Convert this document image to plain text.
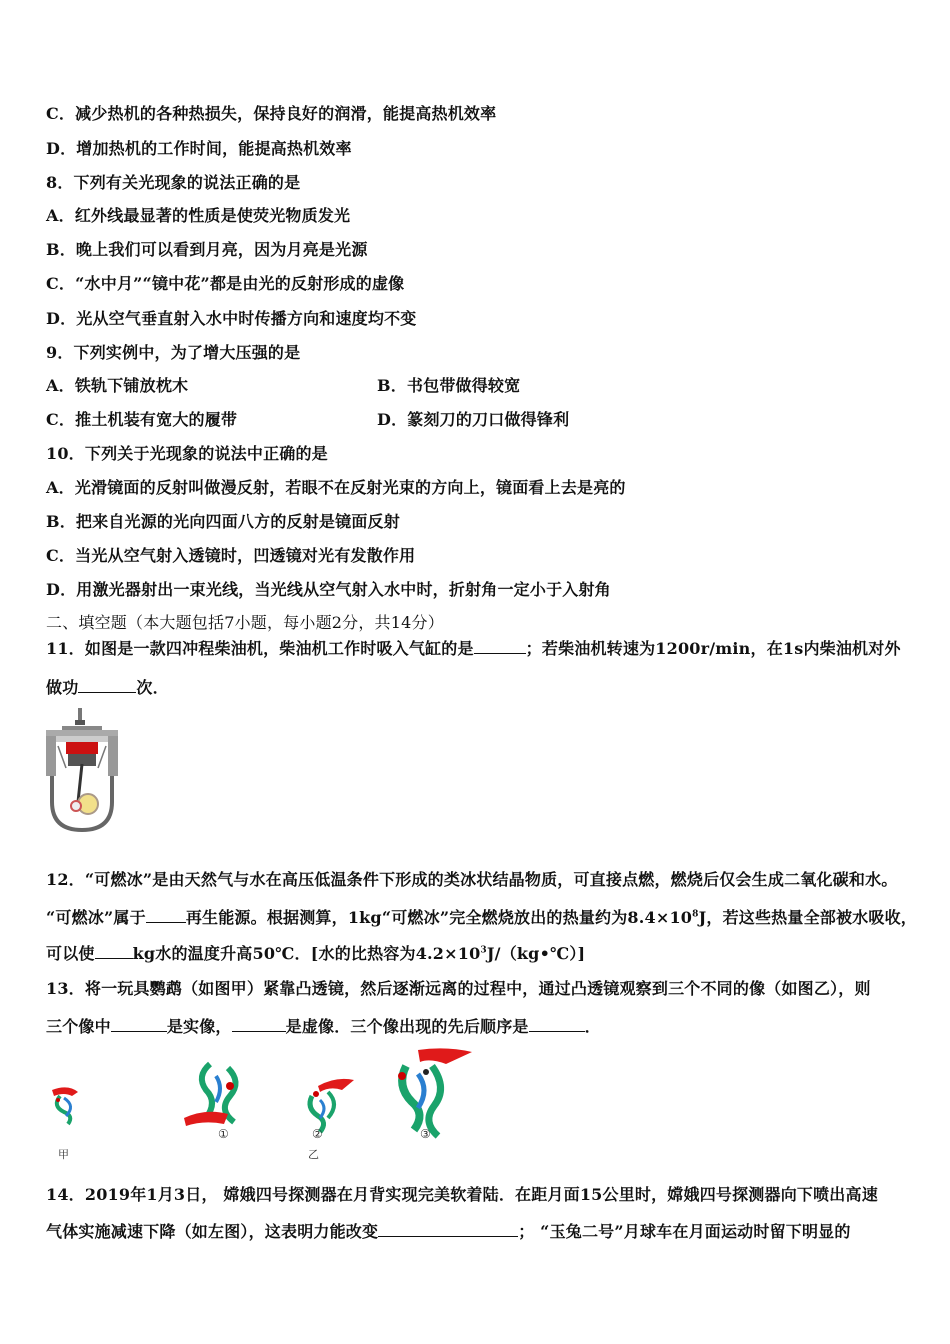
C．减少热机的各种热损失，保持良好的润滑，能提高热机效率
D．增加热机的工作时间，能提高热机效率
8．下列有关光现象的说法正确的是
A．红外线最显著的性质是使荧光物质发光
B．晚上我们可以看到月亮，因为月亮是光源
C．“水中月”“镜中花”都是由光的反射形成的虚像
D．光从空气垂直射入水中时传播方向和速度均不变
9．下列实例中，为了增大压强的是
A．铁轨下铺放枕木	B．书包带做得较宽
C．推土机装有宽大的履带	D．篆刻刀的刀口做得锋利
10．下列关于光现象的说法中正确的是
A．光滑镜面的反射叫做漫反射，若眼不在反射光束的方向上，镜面看上去是亮的
B．把来自光源的光向四面八方的反射是镜面反射
C．当光从空气射入透镜时，凹透镜对光有发散作用
D．用激光器射出一束光线，当光线从空气射入水中时，折射角一定小于入射角
二、填空题（本大题包括7小题，每小题2分，共14分）
11．如图是一款四冲程柴油机，柴油机工作时吸入气缸的是	；若柴油机转速为1200r/min，在1s内柴油机对外
做功	次．
12．“可燃冰”是由天然气与水在高压低温条件下形成的类冰状结晶物质，可直接点燃，燃烧后仅会生成二氧化碳和水。
“可燃冰”属于	再生能源。根据测算，1kg“可燃冰”完全燃烧放出的热量约为$8.4\times 10^8J$，若这些热量全部被水吸收，
可以使 kg水的温度升高50℃．[水的比热容为$4.2\times 10^3J/(kg•℃)$]
13．将一玩具鹦鹉（如图甲）紧靠凸透镜，然后逐渐远离的过程中，通过凸透镜观察到三个不同的像（如图乙），则
三个像中	是实像，	是虚像．三个像出现的先后顺序是	．
①	②	③
甲	乙
14．2019年1月3日， 嫦娥四号探测器在月背实现完美软着陆．在距月面15公里时，嫦娥四号探测器向下喷出高速
气体实施减速下降（如左图），这表明力能改变	； “玉兔二号”月球车在月面运动时留下明显的
